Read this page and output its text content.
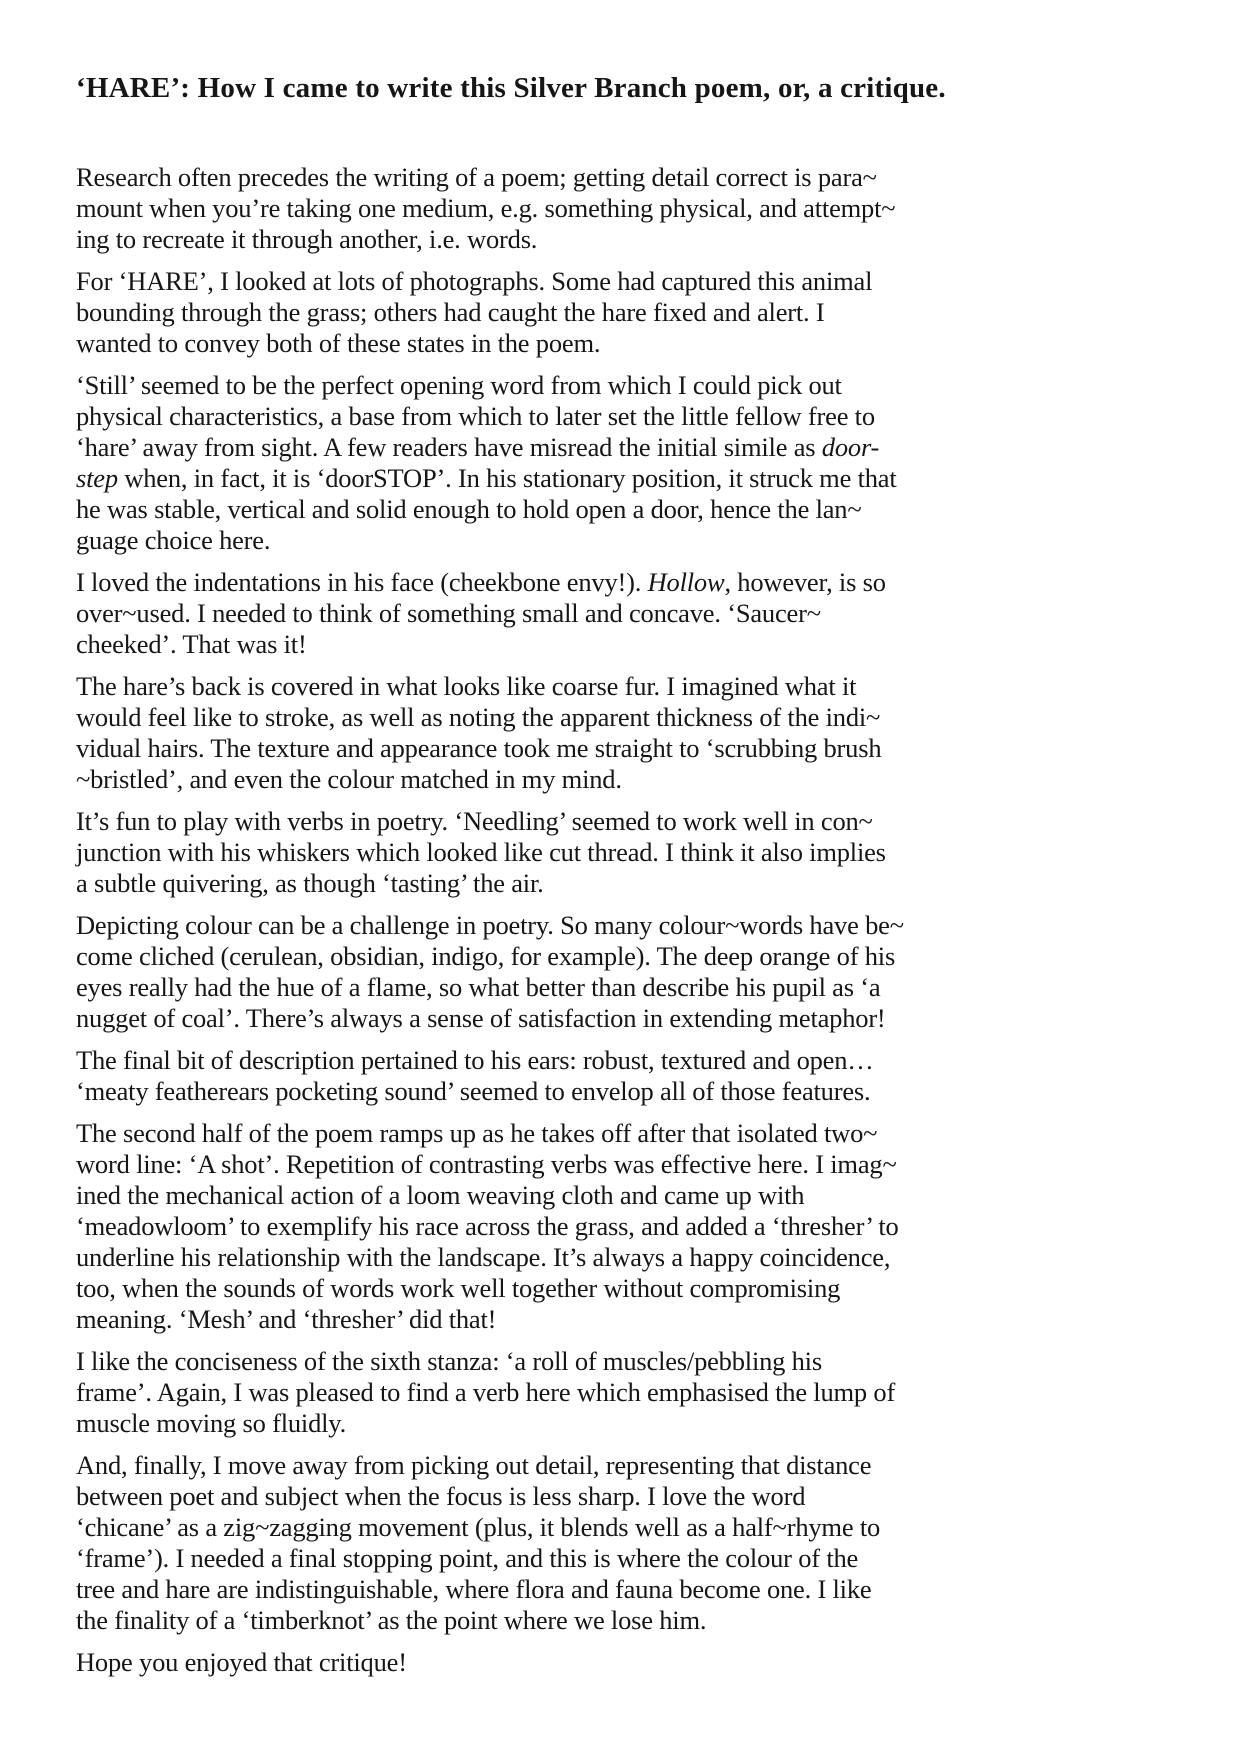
‘HARE’: How I came to write this Silver Branch poem, or, a critique.
Research often precedes the writing of a poem; getting detail correct is para~
mount when you’re taking one medium, e.g. something physical, and attempt~
ing to recreate it through another, i.e. words.
For ‘HARE’, I looked at lots of photographs. Some had captured this animal
bounding through the grass; others had caught the hare fixed and alert. I
wanted to convey both of these states in the poem.
‘Still’ seemed to be the perfect opening word from which I could pick out
physical characteristics, a base from which to later set the little fellow free to
‘hare’ away from sight. A few readers have misread the initial simile as door-
step when, in fact, it is ‘doorSTOP’. In his stationary position, it struck me that
he was stable, vertical and solid enough to hold open a door, hence the lan~
guage choice here.
I loved the indentations in his face (cheekbone envy!). Hollow, however, is so
over~used. I needed to think of something small and concave. ‘Saucer~
cheeked’. That was it!
The hare’s back is covered in what looks like coarse fur. I imagined what it
would feel like to stroke, as well as noting the apparent thickness of the indi~
vidual hairs. The texture and appearance took me straight to ‘scrubbing brush
~bristled’, and even the colour matched in my mind.
It’s fun to play with verbs in poetry. ‘Needling’ seemed to work well in con~
junction with his whiskers which looked like cut thread. I think it also implies
a subtle quivering, as though ‘tasting’ the air.
Depicting colour can be a challenge in poetry. So many colour~words have be~
come cliched (cerulean, obsidian, indigo, for example). The deep orange of his
eyes really had the hue of a flame, so what better than describe his pupil as ‘a
nugget of coal’. There’s always a sense of satisfaction in extending metaphor!
The final bit of description pertained to his ears: robust, textured and open…
‘meaty featherears pocketing sound’ seemed to envelop all of those features.
The second half of the poem ramps up as he takes off after that isolated two~
word line: ‘A shot’. Repetition of contrasting verbs was effective here. I imag~
ined the mechanical action of a loom weaving cloth and came up with
‘meadowloom’ to exemplify his race across the grass, and added a ‘thresher’ to
underline his relationship with the landscape. It’s always a happy coincidence,
too, when the sounds of words work well together without compromising
meaning. ‘Mesh’ and ‘thresher’ did that!
I like the conciseness of the sixth stanza: ‘a roll of muscles/pebbling his
frame’. Again, I was pleased to find a verb here which emphasised the lump of
muscle moving so fluidly.
And, finally, I move away from picking out detail, representing that distance
between poet and subject when the focus is less sharp. I love the word
‘chicane’ as a zig~zagging movement (plus, it blends well as a half~rhyme to
‘frame’). I needed a final stopping point, and this is where the colour of the
tree and hare are indistinguishable, where flora and fauna become one. I like
the finality of a ‘timberknot’ as the point where we lose him.
Hope you enjoyed that critique!
